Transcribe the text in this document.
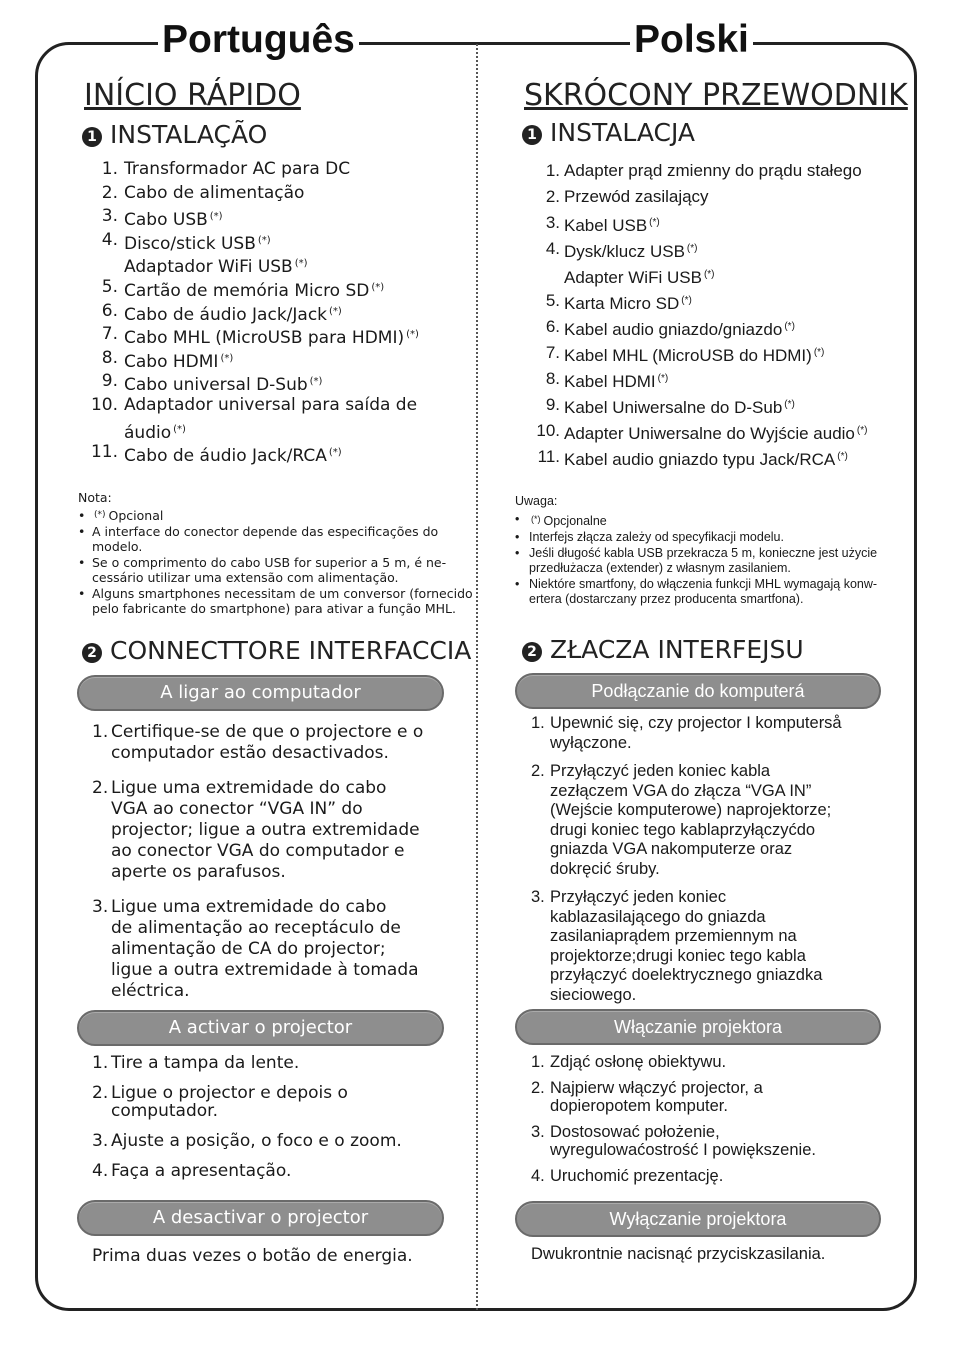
Português	Polski
INÍCIO RÁPIDO
1 INSTALAÇÃO
1. Transformador AC para DC
2. Cabo de alimentação
3. Cabo USB (*)
4. Disco/stick USB (*)
Adaptador WiFi USB (*)
5. Cartão de memória Micro SD (*)
6. Cabo de áudio Jack/Jack (*)
7. Cabo MHL (MicroUSB para HDMI) (*)
8. Cabo HDMI (*)
9. Cabo universal D-Sub (*)
10. Adaptador universal para saída de
áudio (*)
11. Cabo de áudio Jack/RCA (*)
Nota:
• (*) Opcional
• A interface do conector depende das especificações do
modelo.
• Se o comprimento do cabo USB for superior a 5 m, é ne-
cessário utilizar uma extensão com alimentação.
• Alguns smartphones necessitam de um conversor (fornecido
pelo fabricante do smartphone) para ativar a função MHL.
2 CONNECTTORE INTERFACCIA
A ligar ao computador
1. Certifique-se de que o projectore e o
computador estão desactivados.
2. Ligue uma extremidade do cabo
VGA ao conector “VGA IN” do
projector; ligue a outra extremidade
ao conector VGA do computador e
aperte os parafusos.
3. Ligue uma extremidade do cabo
de alimentação ao receptáculo de
alimentação de CA do projector;
ligue a outra extremidade à tomada
eléctrica.
A activar o projector
1. Tire a tampa da lente.
2. Ligue o projector e depois o
computador.
3. Ajuste a posição, o foco e o zoom.
4. Faça a apresentação.
A desactivar o projector
Prima duas vezes o botão de energia.
SKRÓCONY PRZEWODNIK
1 INSTALACJA
1. Adapter prąd zmienny do prądu stałego
2. Przewód zasilający
3. Kabel USB (*)
4. Dysk/klucz USB (*)
Adapter WiFi USB (*)
5. Karta Micro SD (*)
6. Kabel audio gniazdo/gniazdo (*)
7. Kabel MHL (MicroUSB do HDMI) (*)
8. Kabel HDMI (*)
9. Kabel Uniwersalne do D-Sub (*)
10. Adapter Uniwersalne do Wyjście audio (*)
11. Kabel audio gniazdo typu Jack/RCA (*)
Uwaga:
• (*) Opcjonalne
• Interfejs złącza zależy od specyfikacji modelu.
• Jeśli długość kabla USB przekracza 5 m, konieczne jest użycie
przedłużacza (extender) z własnym zasilaniem.
• Niektóre smartfony, do włączenia funkcji MHL wymagają konw-
ertera (dostarczany przez producenta smartfona).
2 ZŁACZA INTERFEJSU
Podłączanie do komputerá
1. Upewnić się, czy projector I komputerså
wyłączone.
2. Przyłączyć jeden koniec kabla
zezłączem VGA do złącza “VGA IN”
(Wejście komputerowe) naprojektorze;
drugi koniec tego kablaprzyłączyćdo
gniazda VGA nakomputerze oraz
dokręcić śruby.
3. Przyłączyć jeden koniec
kablazasilającego do gniazda
zasilaniaprądem przemiennym na
projektorze;drugi koniec tego kabla
przyłączyć doelektrycznego gniazdka
sieciowego.
Włączanie projektora
1. Zdjąć osłonę obiektywu.
2. Najpierw włączyć projector, a
dopieropotem komputer.
3. Dostosować położenie,
wyregulowaćostrość I powiększenie.
4. Uruchomić prezentację.
Wyłączanie projektora
Dwukrontnie nacisnąć przyciskzasilania.
